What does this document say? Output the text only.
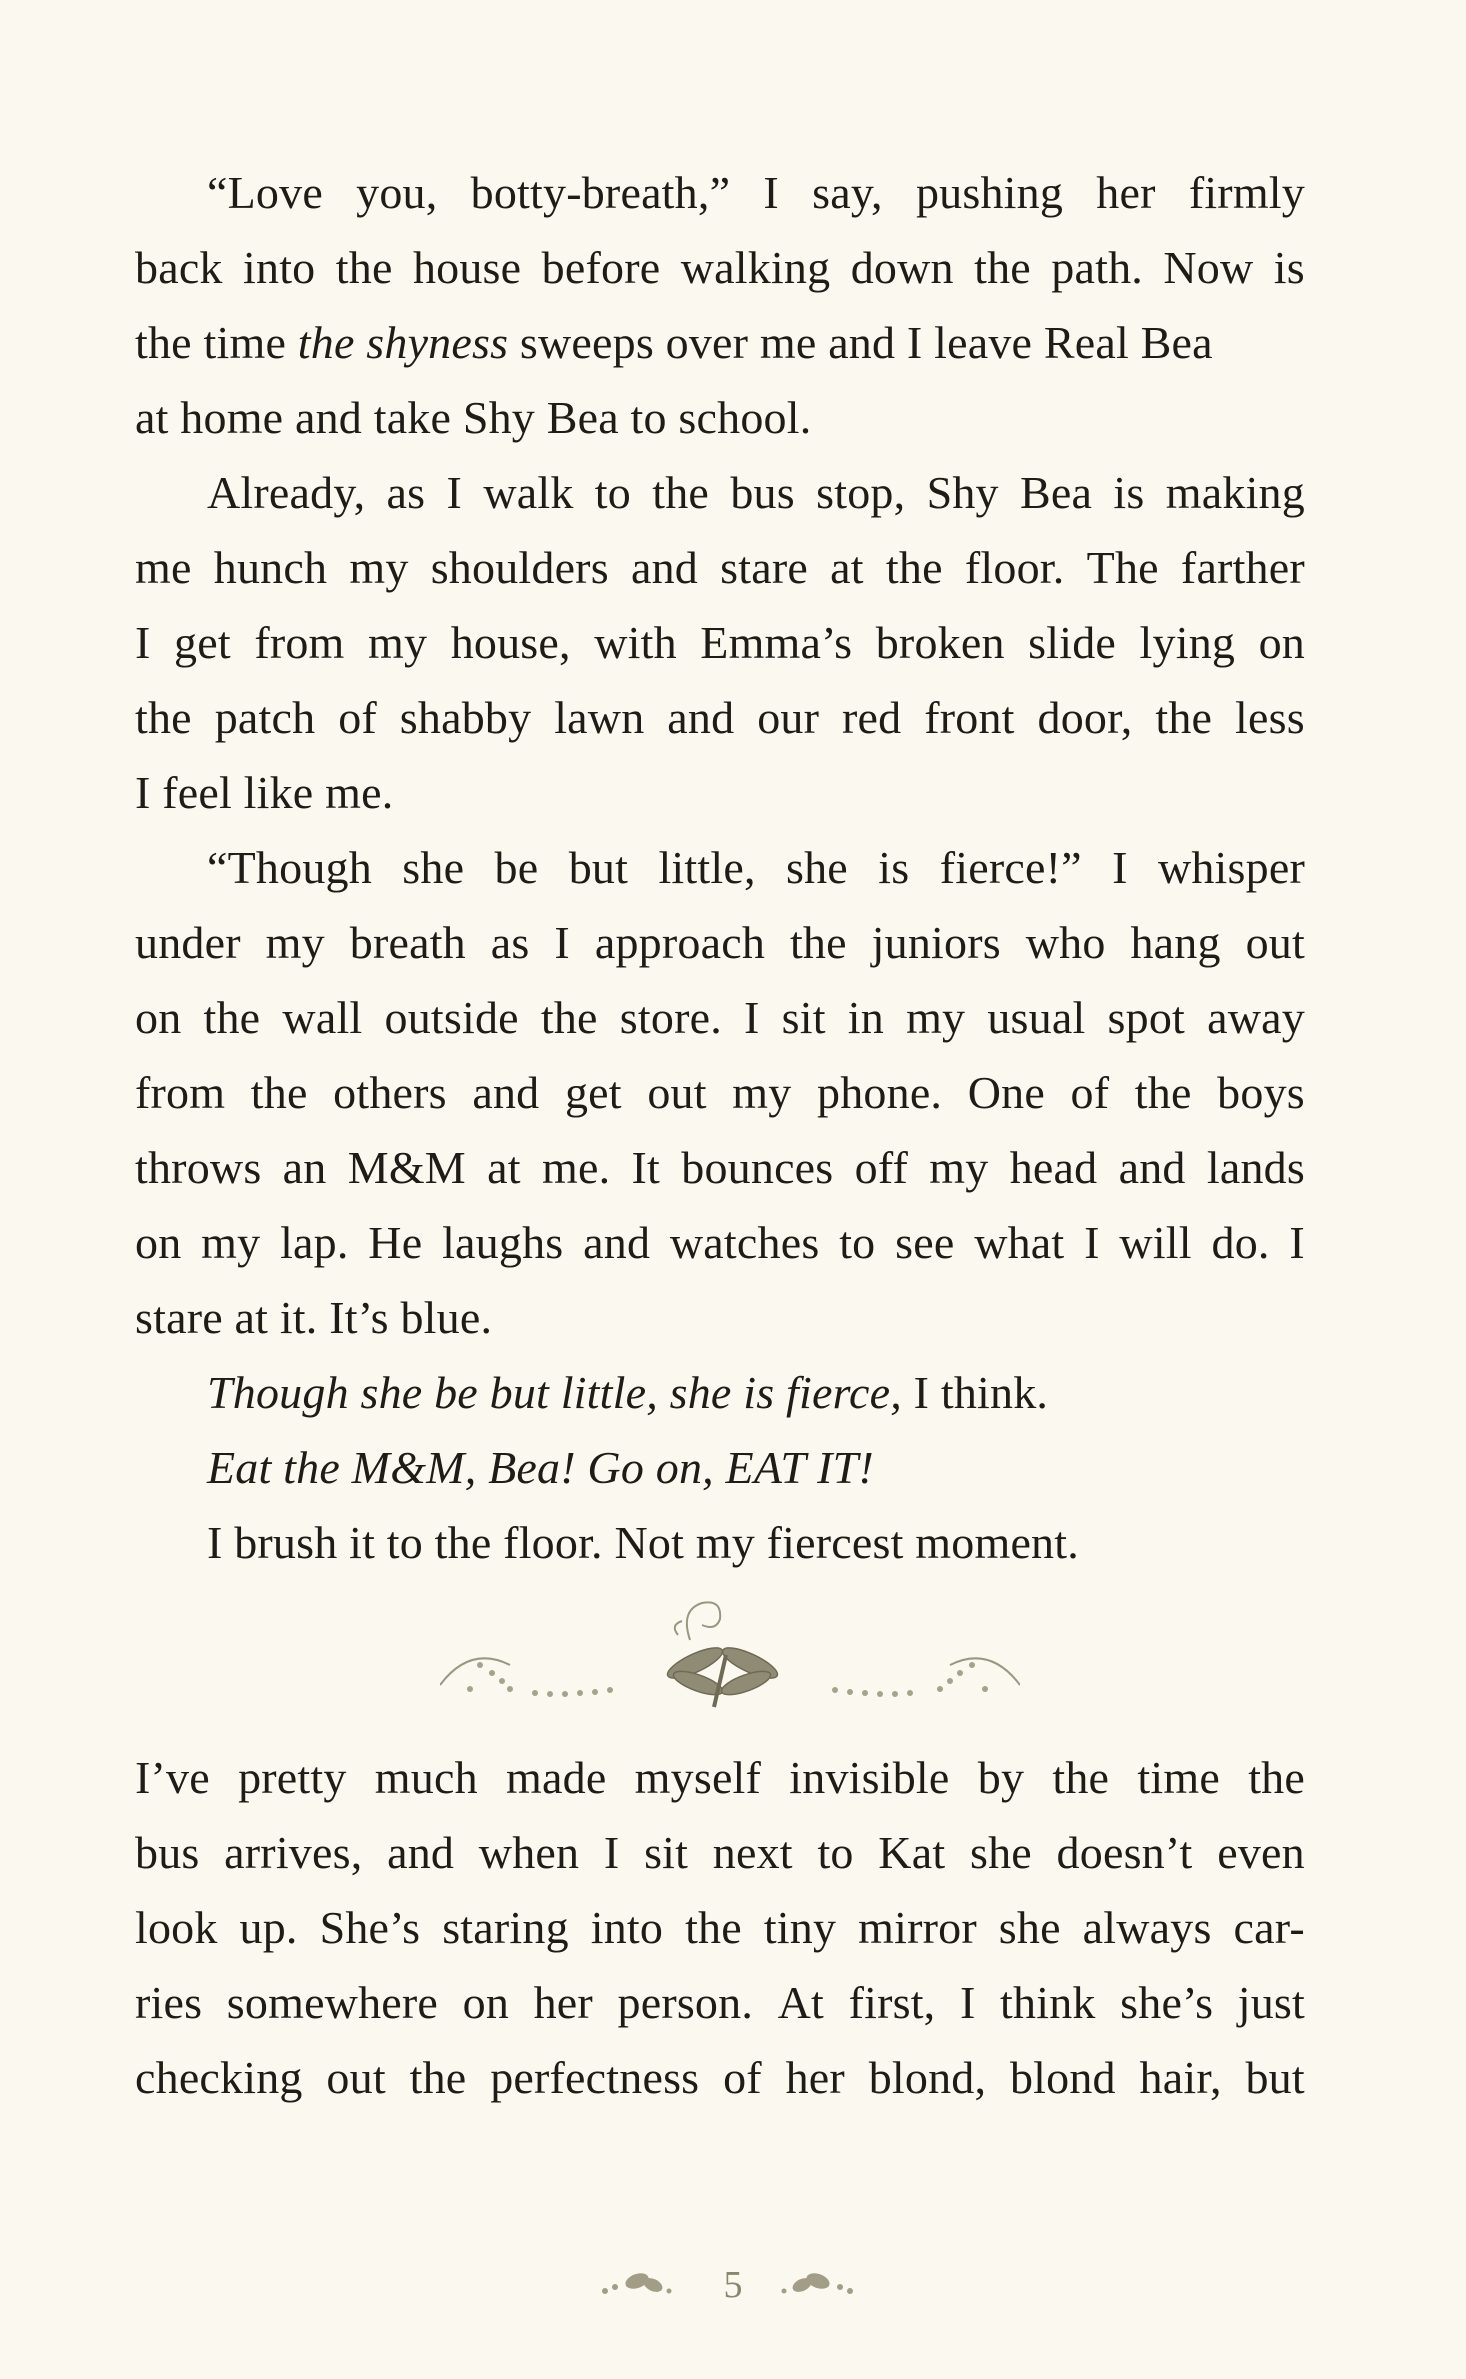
“Love you, botty-breath,” I say, pushing her firmly
back into the house before walking down the path. Now is
the time the shyness sweeps over me and I leave Real Bea
at home and take Shy Bea to school.
Already, as I walk to the bus stop, Shy Bea is making
me hunch my shoulders and stare at the floor. The farther
I get from my house, with Emma’s broken slide lying on
the patch of shabby lawn and our red front door, the less
I feel like me.
“Though she be but little, she is fierce!” I whisper
under my breath as I approach the juniors who hang out
on the wall outside the store. I sit in my usual spot away
from the others and get out my phone. One of the boys
throws an M&M at me. It bounces off my head and lands
on my lap. He laughs and watches to see what I will do. I
stare at it. It’s blue.
Though she be but little, she is fierce, I think.
Eat the M&M, Bea! Go on, EAT IT!
I brush it to the floor. Not my fiercest moment.
I’ve pretty much made myself invisible by the time the
bus arrives, and when I sit next to Kat she doesn’t even
look up. She’s staring into the tiny mirror she always car-
ries somewhere on her person. At first, I think she’s just
checking out the perfectness of her blond, blond hair, but
5
